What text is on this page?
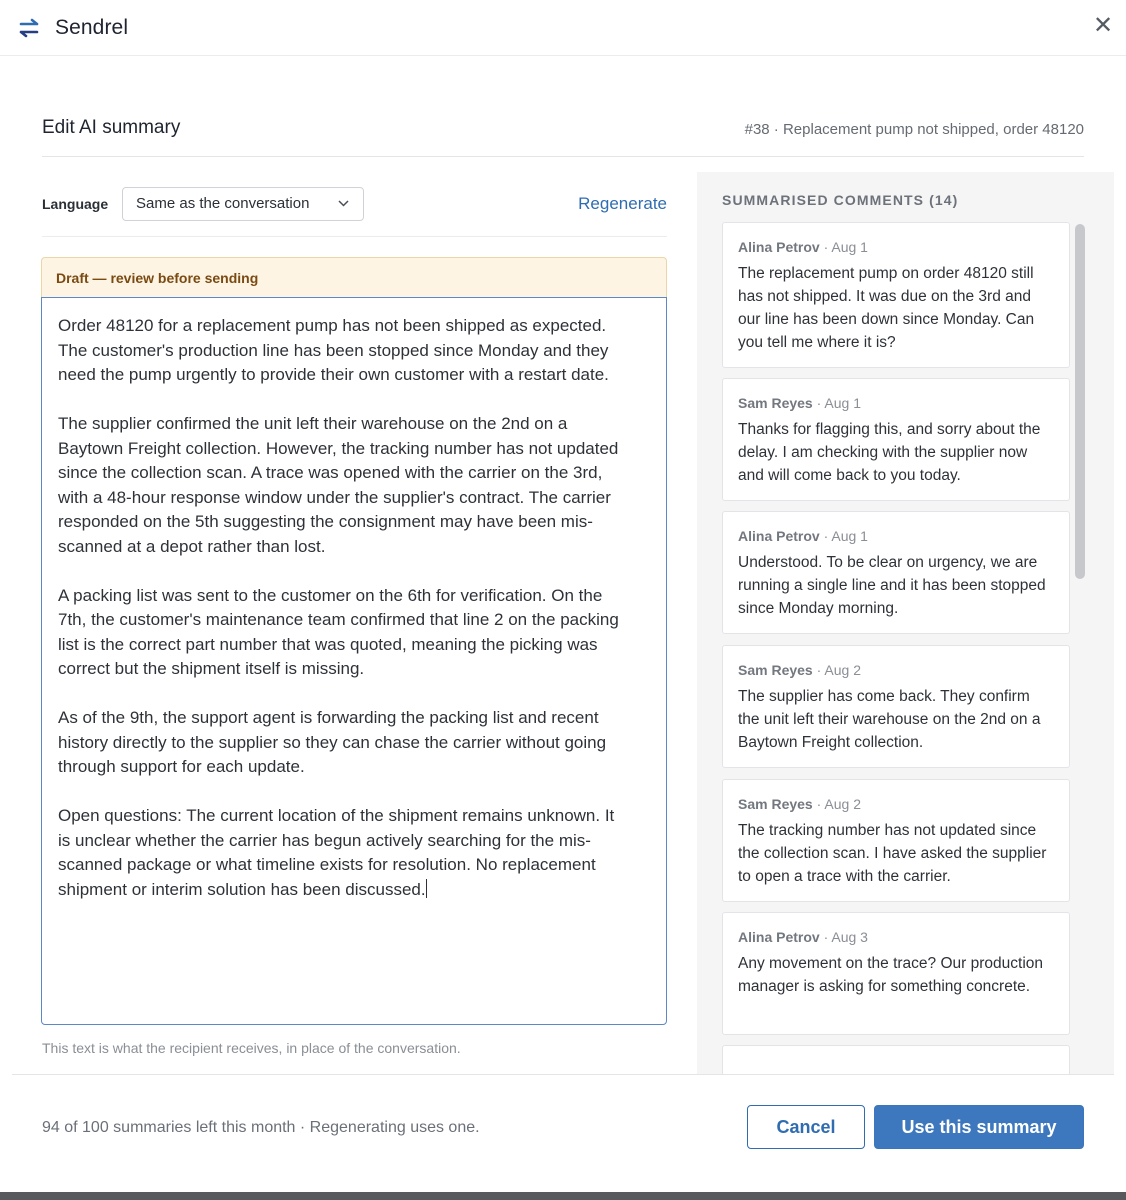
Sendrel	✕
Edit AI summary	#38 · Replacement pump not shipped, order 48120
Language	Same as the conversation	Regenerate
Draft — review before sending
Order 48120 for a replacement pump has not been shipped as expected.
The customer's production line has been stopped since Monday and they
need the pump urgently to provide their own customer with a restart date.

The supplier confirmed the unit left their warehouse on the 2nd on a
Baytown Freight collection. However, the tracking number has not updated
since the collection scan. A trace was opened with the carrier on the 3rd,
with a 48-hour response window under the supplier's contract. The carrier
responded on the 5th suggesting the consignment may have been mis-
scanned at a depot rather than lost.

A packing list was sent to the customer on the 6th for verification. On the
7th, the customer's maintenance team confirmed that line 2 on the packing
list is the correct part number that was quoted, meaning the picking was
correct but the shipment itself is missing.

As of the 9th, the support agent is forwarding the packing list and recent
history directly to the supplier so they can chase the carrier without going
through support for each update.

Open questions: The current location of the shipment remains unknown. It
is unclear whether the carrier has begun actively searching for the mis-
scanned package or what timeline exists for resolution. No replacement
shipment or interim solution has been discussed.
This text is what the recipient receives, in place of the conversation.
SUMMARISED COMMENTS (14)
Alina Petrov · Aug 1
The replacement pump on order 48120 still has not shipped. It was due on the 3rd and our line has been down since Monday. Can you tell me where it is?
Sam Reyes · Aug 1
Thanks for flagging this, and sorry about the delay. I am checking with the supplier now and will come back to you today.
Alina Petrov · Aug 1
Understood. To be clear on urgency, we are running a single line and it has been stopped since Monday morning.
Sam Reyes · Aug 2
The supplier has come back. They confirm the unit left their warehouse on the 2nd on a Baytown Freight collection.
Sam Reyes · Aug 2
The tracking number has not updated since the collection scan. I have asked the supplier to open a trace with the carrier.
Alina Petrov · Aug 3
Any movement on the trace? Our production manager is asking for something concrete.
94 of 100 summaries left this month · Regenerating uses one.	Cancel	Use this summary
